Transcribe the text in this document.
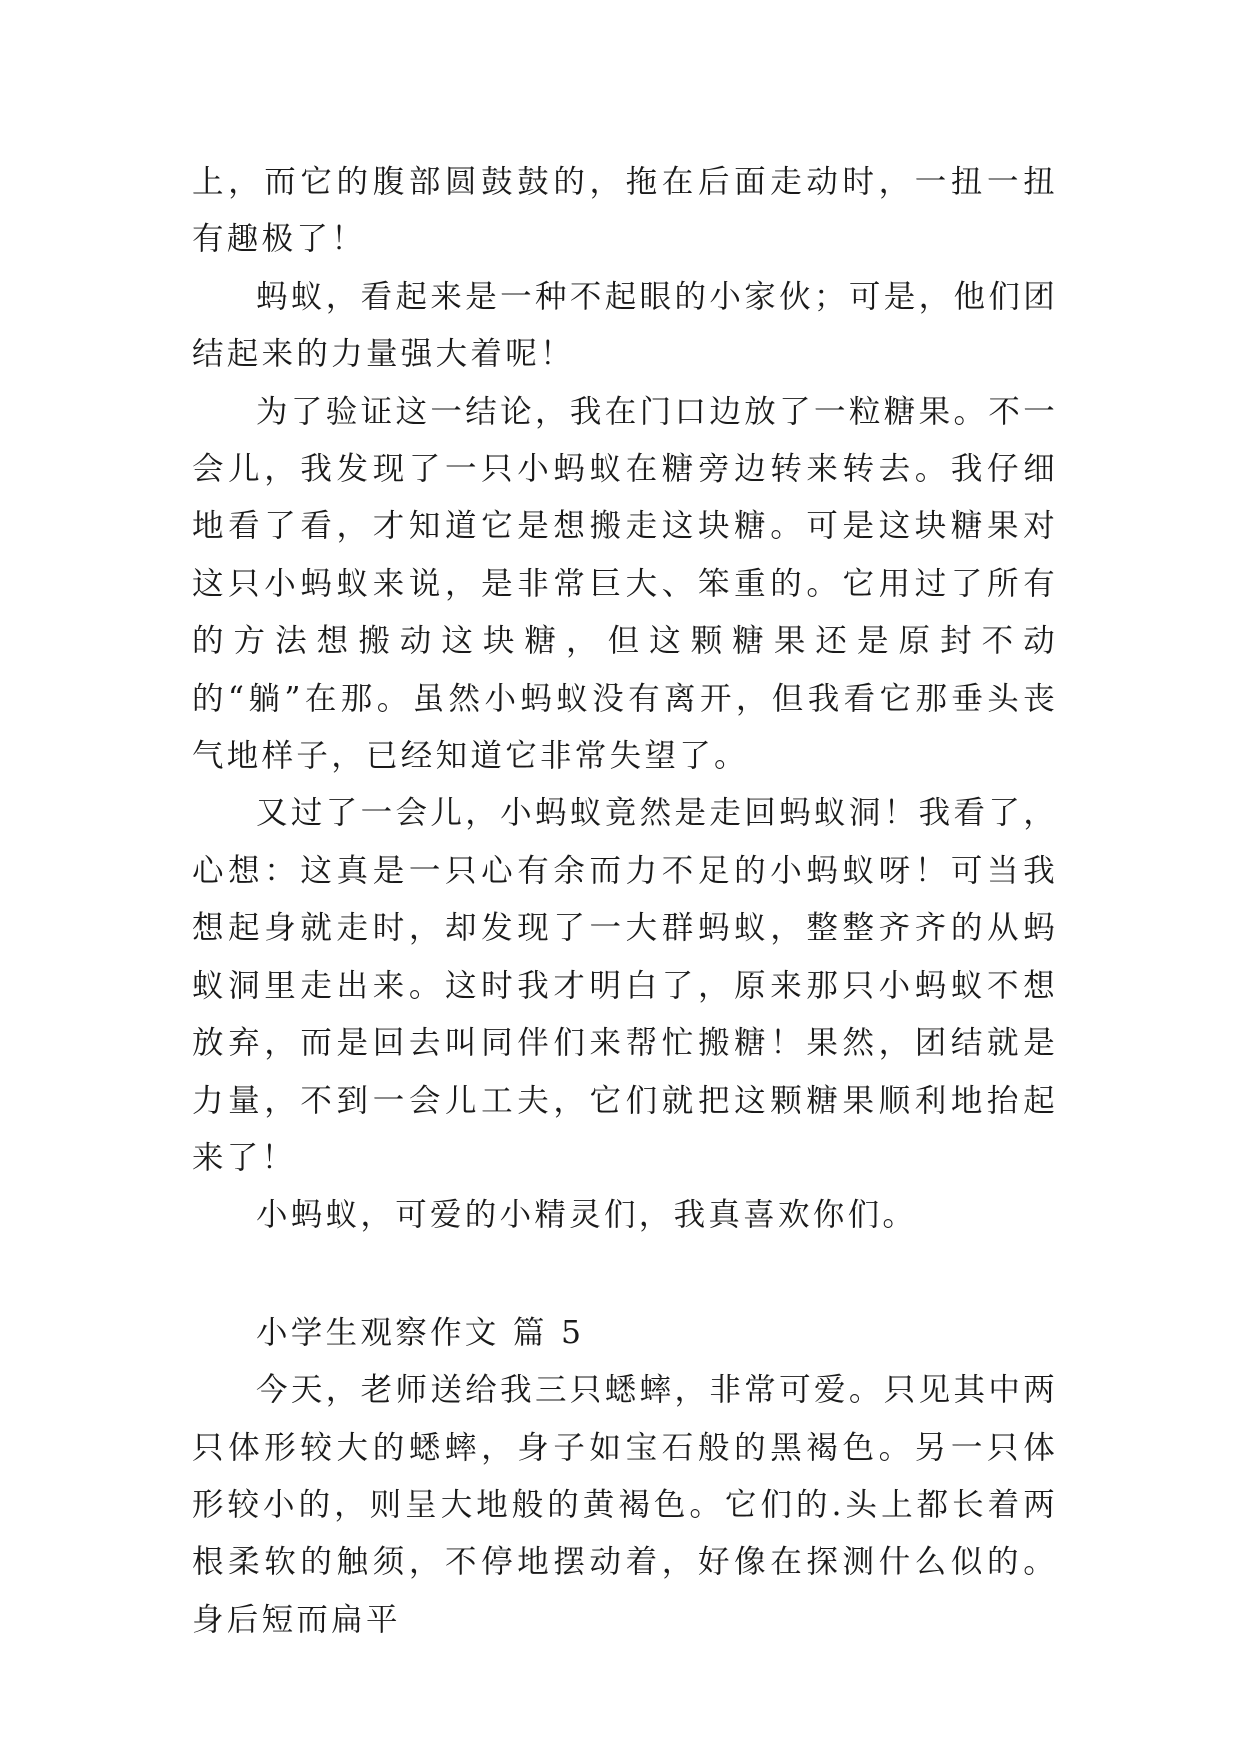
上，而它的腹部圆鼓鼓的，拖在后面走动时，一扭一扭有趣极了！

蚂蚁，看起来是一种不起眼的小家伙；可是，他们团结起来的力量强大着呢！

为了验证这一结论，我在门口边放了一粒糖果。不一会儿，我发现了一只小蚂蚁在糖旁边转来转去。我仔细地看了看，才知道它是想搬走这块糖。可是这块糖果对这只小蚂蚁来说，是非常巨大、笨重的。它用过了所有的方法想搬动这块糖，但这颗糖果还是原封不动的“躺”在那。虽然小蚂蚁没有离开，但我看它那垂头丧气地样子，已经知道它非常失望了。

又过了一会儿，小蚂蚁竟然是走回蚂蚁洞！我看了，心想：这真是一只心有余而力不足的小蚂蚁呀！可当我想起身就走时，却发现了一大群蚂蚁，整整齐齐的从蚂蚁洞里走出来。这时我才明白了，原来那只小蚂蚁不想放弃，而是回去叫同伴们来帮忙搬糖！果然，团结就是力量，不到一会儿工夫，它们就把这颗糖果顺利地抬起来了！

小蚂蚁，可爱的小精灵们，我真喜欢你们。

小学生观察作文 篇 5

今天，老师送给我三只蟋蟀，非常可爱。只见其中两只体形较大的蟋蟀，身子如宝石般的黑褐色。另一只体形较小的，则呈大地般的黄褐色。它们的.头上都长着两根柔软的触须，不停地摆动着，好像在探测什么似的。身后短而扁平
